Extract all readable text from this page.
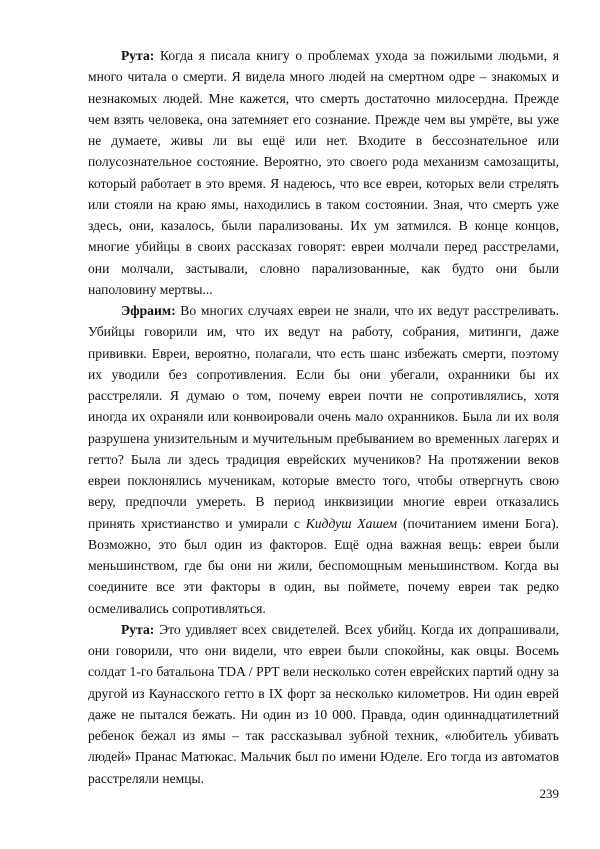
Рута: Когда я писала книгу о проблемах ухода за пожилыми людьми, я много читала о смерти. Я видела много людей на смертном одре – знакомых и незнакомых людей. Мне кажется, что смерть достаточно милосердна. Прежде чем взять человека, она затемняет его сознание. Прежде чем вы умрёте, вы уже не думаете, живы ли вы ещё или нет. Входите в бессознательное или полусознательное состояние. Вероятно, это своего рода механизм самозащиты, который работает в это время. Я надеюсь, что все евреи, которых вели стрелять или стояли на краю ямы, находились в таком состоянии. Зная, что смерть уже здесь, они, казалось, были парализованы. Их ум затмился. В конце концов, многие убийцы в своих рассказах говорят: евреи молчали перед расстрелами, они молчали, застывали, словно парализованные, как будто они были наполовину мертвы...

Эфраим: Во многих случаях евреи не знали, что их ведут расстреливать. Убийцы говорили им, что их ведут на работу, собрания, митинги, даже прививки. Евреи, вероятно, полагали, что есть шанс избежать смерти, поэтому их уводили без сопротивления. Если бы они убегали, охранники бы их расстреляли. Я думаю о том, почему евреи почти не сопротивлялись, хотя иногда их охраняли или конвоировали очень мало охранников. Была ли их воля разрушена унизительным и мучительным пребыванием во временных лагерях и гетто? Была ли здесь традиция еврейских мучеников? На протяжении веков евреи поклонялись мученикам, которые вместо того, чтобы отвергнуть свою веру, предпочли умереть. В период инквизиции многие евреи отказались принять христианство и умирали с Киддуш Хашем (почитанием имени Бога). Возможно, это был один из факторов. Ещё одна важная вещь: евреи были меньшинством, где бы они ни жили, беспомощным меньшинством. Когда вы соедините все эти факторы в один, вы поймете, почему евреи так редко осмеливались сопротивляться.

Рута: Это удивляет всех свидетелей. Всех убийц. Когда их допрашивали, они говорили, что они видели, что евреи были спокойны, как овцы. Восемь солдат 1-го батальона TDA / PPT вели несколько сотен еврейских партий одну за другой из Каунасского гетто в IX форт за несколько километров. Ни один еврей даже не пытался бежать. Ни один из 10 000. Правда, один одиннадцатилетний ребенок бежал из ямы – так рассказывал зубной техник, «любитель убивать людей» Пранас Матюкас. Мальчик был по имени Юделе. Его тогда из автоматов расстреляли немцы.

239
